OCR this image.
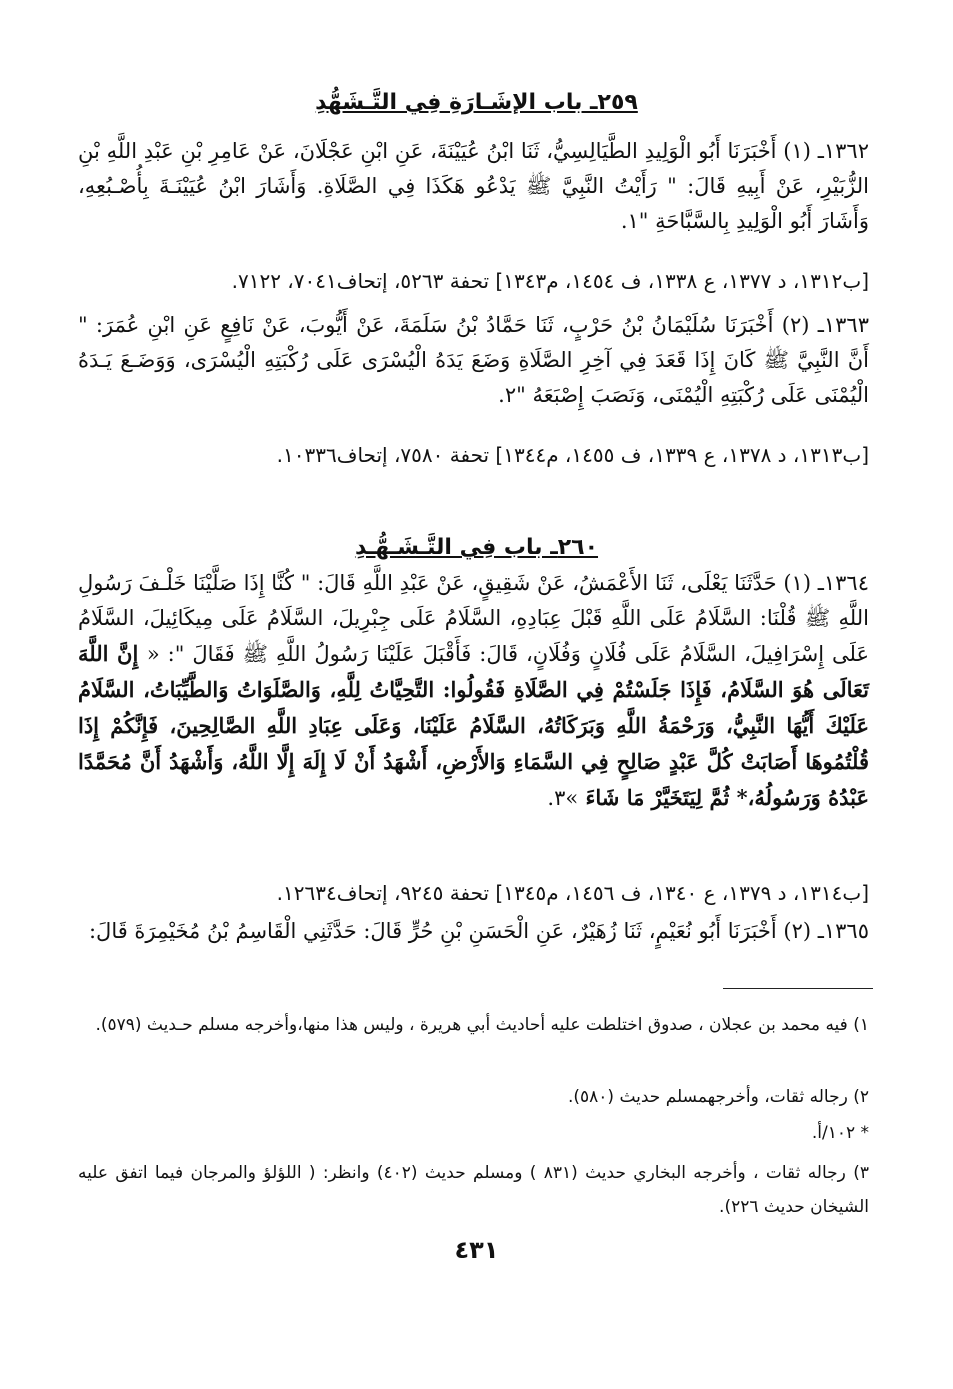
٢٥٩ـ باب الإشَـارَةِ فِي التَّـشَهُّدِ
١٣٦٢ـ (١) أَخْبَرَنَا أَبُو الْوَلِيدِ الطَّيَالِسِيُّ، ثَنَا ابْنُ عُيَيْنَةَ، عَنِ ابْنِ عَجْلَانَ، عَنْ عَامِرِ بْنِ عَبْدِ اللَّهِ بْنِ الزُّبَيْرِ، عَنْ أَبِيهِ قَالَ: " رَأَيْتُ النَّبِيَّ ﷺ يَدْعُو هَكَذَا فِي الصَّلَاةِ. وَأَشَارَ ابْنُ عُيَيْنَـةَ بِأُصْـبُعِهِ، وَأَشَارَ أَبُو الْوَلِيدِ بِالسَّبَّاحَةِ "١.
[ب١٣١٢، د ١٣٧٧، ع ١٣٣٨، ف ١٤٥٤، م١٣٤٣] تحفة ٥٢٦٣، إتحاف٧٠٤١، ٧١٢٢.
١٣٦٣ـ (٢) أَخْبَرَنَا سُلَيْمَانُ بْنُ حَرْبٍ، ثَنَا حَمَّادُ بْنُ سَلَمَةَ، عَنْ أَيُّوبَ، عَنْ نَافِعٍ عَنِ ابْنِ عُمَرَ: " أَنَّ النَّبِيَّ ﷺ كَانَ إِذَا قَعَدَ فِي آخِرِ الصَّلَاةِ وَضَعَ يَدَهُ الْيُسْرَى عَلَى رُكْبَتِهِ الْيُسْرَى، وَوَضَـعَ يَـدَهُ الْيُمْنَى عَلَى رُكْبَتِهِ الْيُمْنَى، وَنَصَبَ إِصْبَعَهُ "٢.
[ب١٣١٣، د ١٣٧٨، ع ١٣٣٩، ف ١٤٥٥، م١٣٤٤] تحفة ٧٥٨٠، إتحاف١٠٣٣٦.
٢٦٠ـ باب فِي التَّـشَـهُّـدِ
١٣٦٤ـ (١) حَدَّثَنَا يَعْلَى، ثَنَا الأَعْمَشُ، عَنْ شَقِيقٍ، عَنْ عَبْدِ اللَّهِ قَالَ: " كُنَّا إِذَا صَلَّيْنَا خَلْـفَ رَسُولِ اللَّهِ ﷺ قُلْنَا: السَّلَامُ عَلَى اللَّهِ قَبْلَ عِبَادِهِ، السَّلَامُ عَلَى جِبْرِيلَ، السَّلَامُ عَلَى مِيكَائِيلَ، السَّلَامُ عَلَى إِسْرَافِيلَ، السَّلَامُ عَلَى فُلَانٍ وَفُلَانٍ، قَالَ: فَأَقْبَلَ عَلَيْنَا رَسُولُ اللَّهِ ﷺ فَقَالَ ": « إِنَّ اللَّهَ تَعَالَى هُوَ السَّلَامُ، فَإِذَا جَلَسْتُمْ فِي الصَّلَاةِ فَقُولُوا: التَّحِيَّاتُ لِلَّهِ، وَالصَّلَوَاتُ وَالطَّيِّبَاتُ، السَّلَامُ عَلَيْكَ أَيُّهَا النَّبِيُّ، وَرَحْمَةُ اللَّهِ وَبَرَكَاتُهُ، السَّلَامُ عَلَيْنَا، وَعَلَى عِبَادِ اللَّهِ الصَّالِحِينَ، فَإِنَّكُمْ إِذَا قُلْتُمُوهَا أَصَابَتْ كُلَّ عَبْدٍ صَالِحٍ فِي السَّمَاءِ وَالأَرْضِ، أَشْهَدُ أَنْ لَا إِلَهَ إِلَّا اللَّهُ، وَأَشْهَدُ أَنَّ مُحَمَّدًا عَبْدُهُ وَرَسُولُهُ،* ثُمَّ لِيَتَخَيَّرْ مَا شَاءَ »٣.
[ب١٣١٤، د ١٣٧٩، ع ١٣٤٠، ف ١٤٥٦، م١٣٤٥] تحفة ٩٢٤٥، إتحاف١٢٦٣٤.
١٣٦٥ـ (٢) أَخْبَرَنَا أَبُو نُعَيْمٍ، ثَنَا زُهَيْرٌ، عَنِ الْحَسَنِ بْنِ حُرٍّ قَالَ: حَدَّثَنِي الْقَاسِمُ بْنُ مُخَيْمِرَةَ قَالَ:
١) فيه محمد بن عجلان ، صدوق اختلطت عليه أحاديث أبي هريرة ، وليس هذا منها،وأخرجه مسلم حـديث (٥٧٩).
٢) رجاله ثقات، وأخرجهمسلم حديث (٥٨٠).
* ١٠٢/أ.
٣) رجاله ثقات ، وأخرجه البخاري حديث (٨٣١ ) ومسلم حديث (٤٠٢) وانظر: ( اللؤلؤ والمرجان فيما اتفق عليه الشيخان حديث ٢٢٦).
٤٣١
